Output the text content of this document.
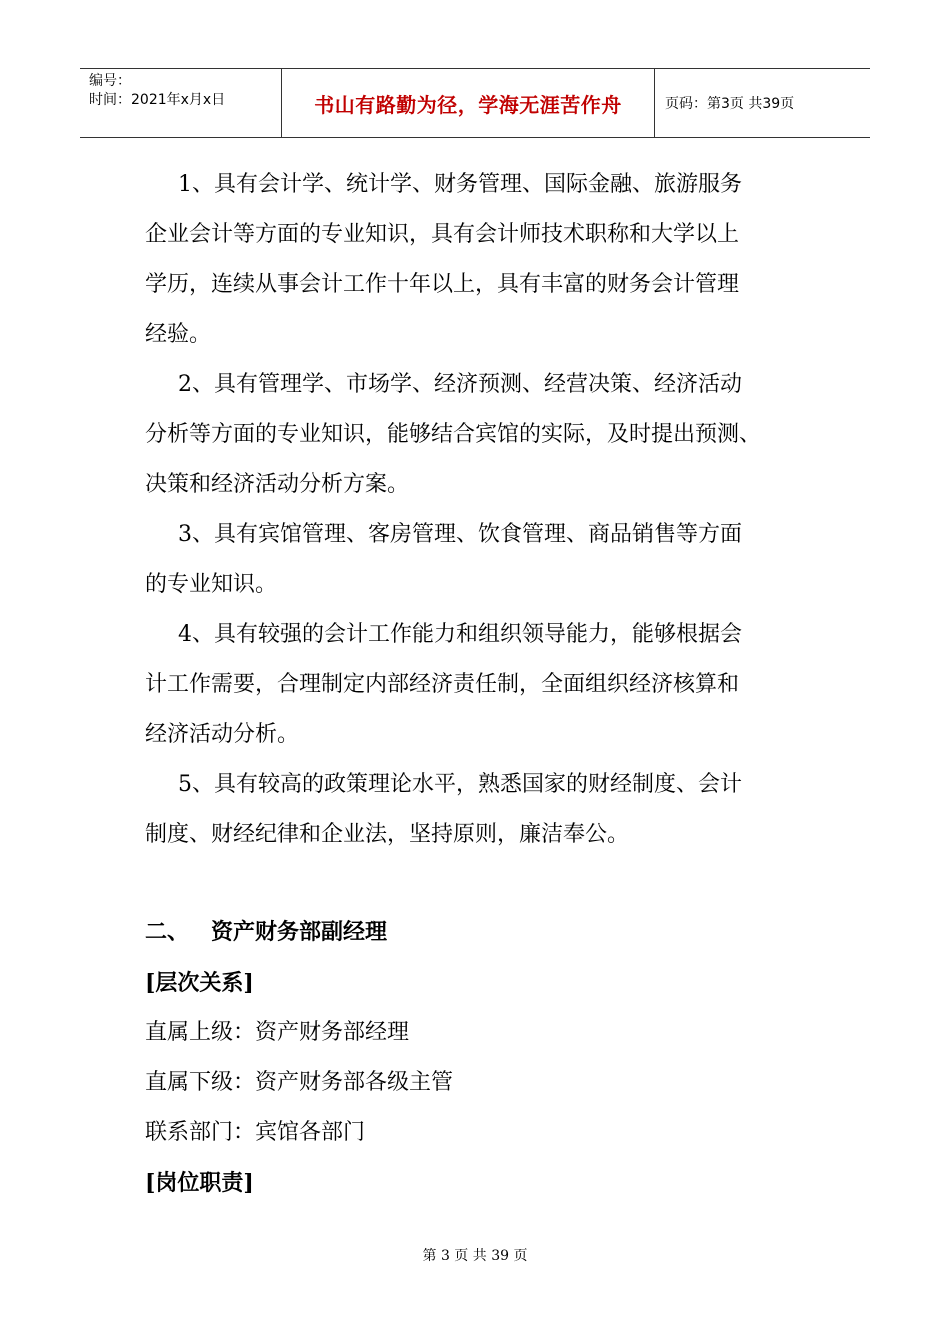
编号：
时间：2021年x月x日	书山有路勤为径，学海无涯苦作舟	页码：第3页 共39页

1、具有会计学、统计学、财务管理、国际金融、旅游服务

企业会计等方面的专业知识，具有会计师技术职称和大学以上

学历，连续从事会计工作十年以上，具有丰富的财务会计管理

经验。

2、具有管理学、市场学、经济预测、经营决策、经济活动

分析等方面的专业知识，能够结合宾馆的实际，及时提出预测、

决策和经济活动分析方案。

3、具有宾馆管理、客房管理、饮食管理、商品销售等方面

的专业知识。

4、具有较强的会计工作能力和组织领导能力，能够根据会

计工作需要，合理制定内部经济责任制，全面组织经济核算和

经济活动分析。

5、具有较高的政策理论水平，熟悉国家的财经制度、会计

制度、财经纪律和企业法，坚持原则，廉洁奉公。

二、 资产财务部副经理

[层次关系]

直属上级：资产财务部经理

直属下级：资产财务部各级主管

联系部门：宾馆各部门

[岗位职责]

第 3 页 共 39 页
